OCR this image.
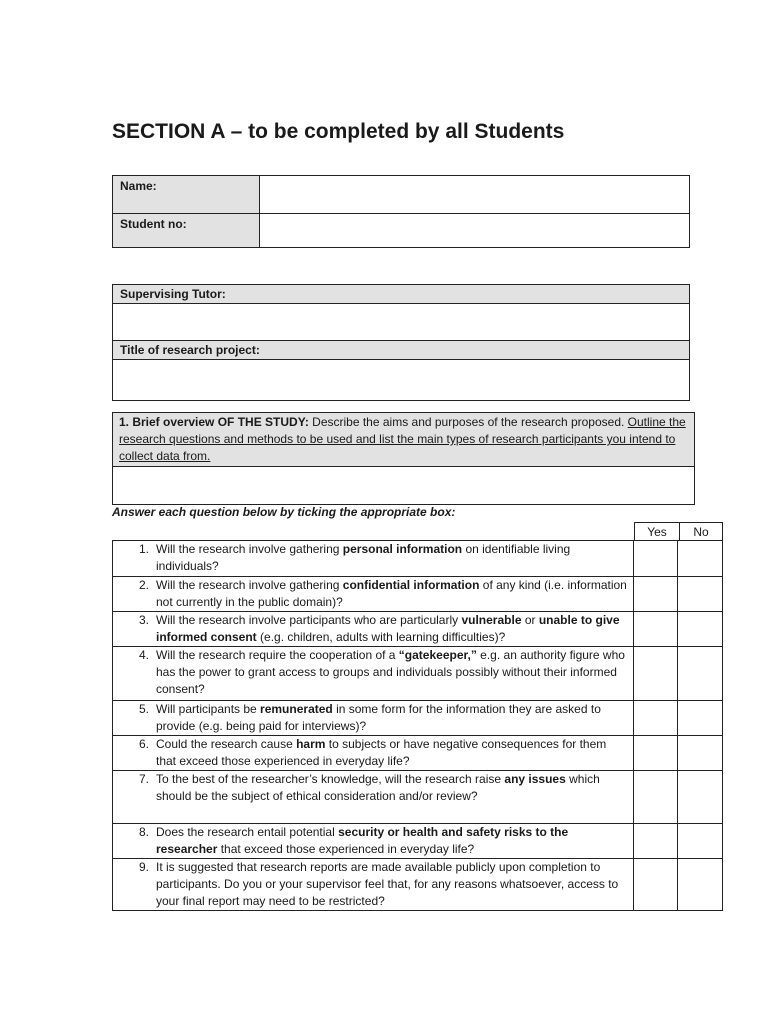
SECTION A – to be completed by all Students
Name:	
Student no:	
Supervising Tutor:

Title of research project:

1. Brief overview OF THE STUDY: Describe the aims and purposes of the research proposed. Outline the research questions and methods to be used and list the main types of research participants you intend to collect data from.

Answer each question below by ticking the appropriate box:
Yes	No
1. Will the research involve gathering personal information on identifiable living individuals?		

2. Will the research involve gathering confidential information of any kind (i.e. information not currently in the public domain)?		

3. Will the research involve participants who are particularly vulnerable or unable to give informed consent (e.g. children, adults with learning difficulties)?		

4. Will the research require the cooperation of a “gatekeeper,” e.g. an authority figure who has the power to grant access to groups and individuals possibly without their informed consent?		

5. Will participants be remunerated in some form for the information they are asked to provide (e.g. being paid for interviews)?		

6. Could the research cause harm to subjects or have negative consequences for them that exceed those experienced in everyday life?		

7. To the best of the researcher’s knowledge, will the research raise any issues which should be the subject of ethical consideration and/or review?		

8. Does the research entail potential security or health and safety risks to the researcher that exceed those experienced in everyday life?		

9. It is suggested that research reports are made available publicly upon completion to participants. Do you or your supervisor feel that, for any reasons whatsoever, access to your final report may need to be restricted?		
